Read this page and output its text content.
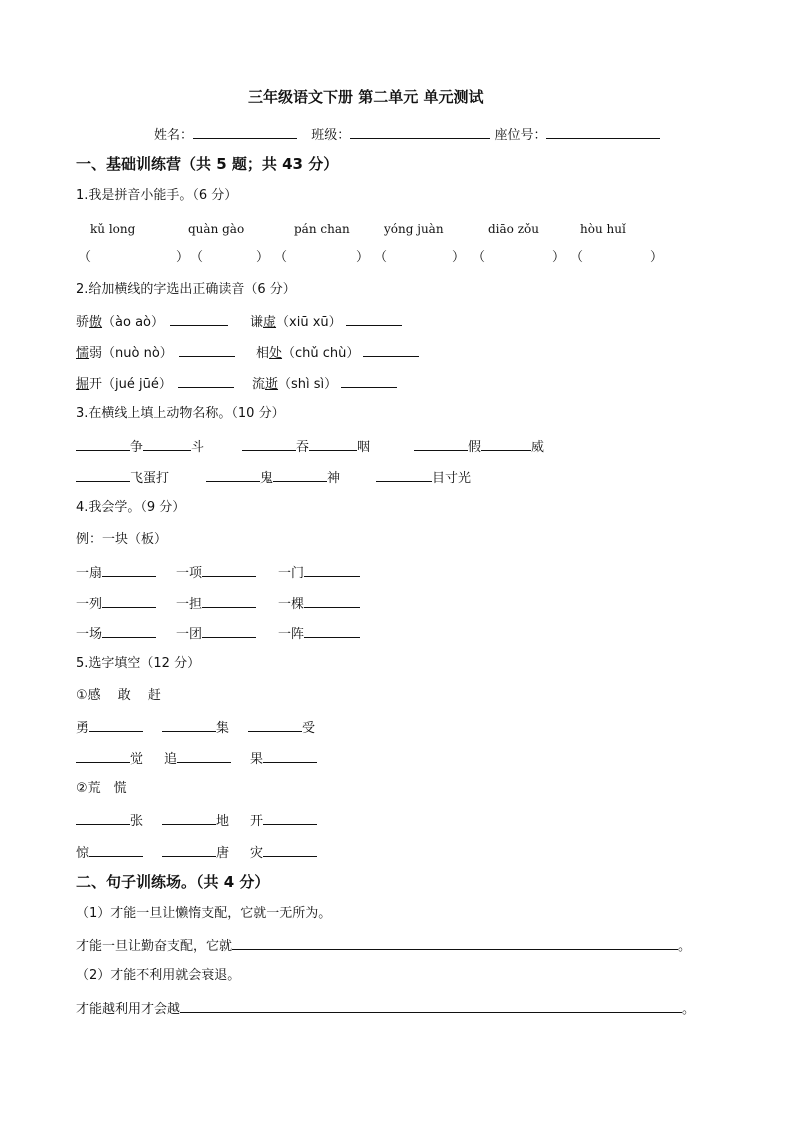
三年级语文下册 第二单元 单元测试
姓名：	班级：	座位号：
一、基础训练营（共 5 题；共 43 分）
1.我是拼音小能手。（6 分）
kǔ long	quàn gào	pán chan	yóng juàn	diāo zǒu	hòu huǐ
（	） （	） （	） （	） （	） （	）
2.给加横线的字选出正确读音（6 分）
骄傲（ào aò）	谦虚（xiū xū）
懦弱（nuò nò）	相处（chǔ chù）
掘开（jué jūé）	流逝（shì sì）
3.在横线上填上动物名称。（10 分）
争	斗	吞	咽	假	威
飞蛋打	鬼	神	目寸光
4.我会学。（9 分）
例：一块（板）
一扇	一项	一门
一列	一担	一棵
一场	一团	一阵
5.选字填空（12 分）
①感　 敢　 赶
勇	集	受
觉 追	果
②荒　慌
张	地 开
惊	唐 灾
二、句子训练场。（共 4 分）
（1）才能一旦让懒惰支配，它就一无所为。
才能一旦让勤奋支配，它就	。
（2）才能不利用就会衰退。
才能越利用才会越	。
